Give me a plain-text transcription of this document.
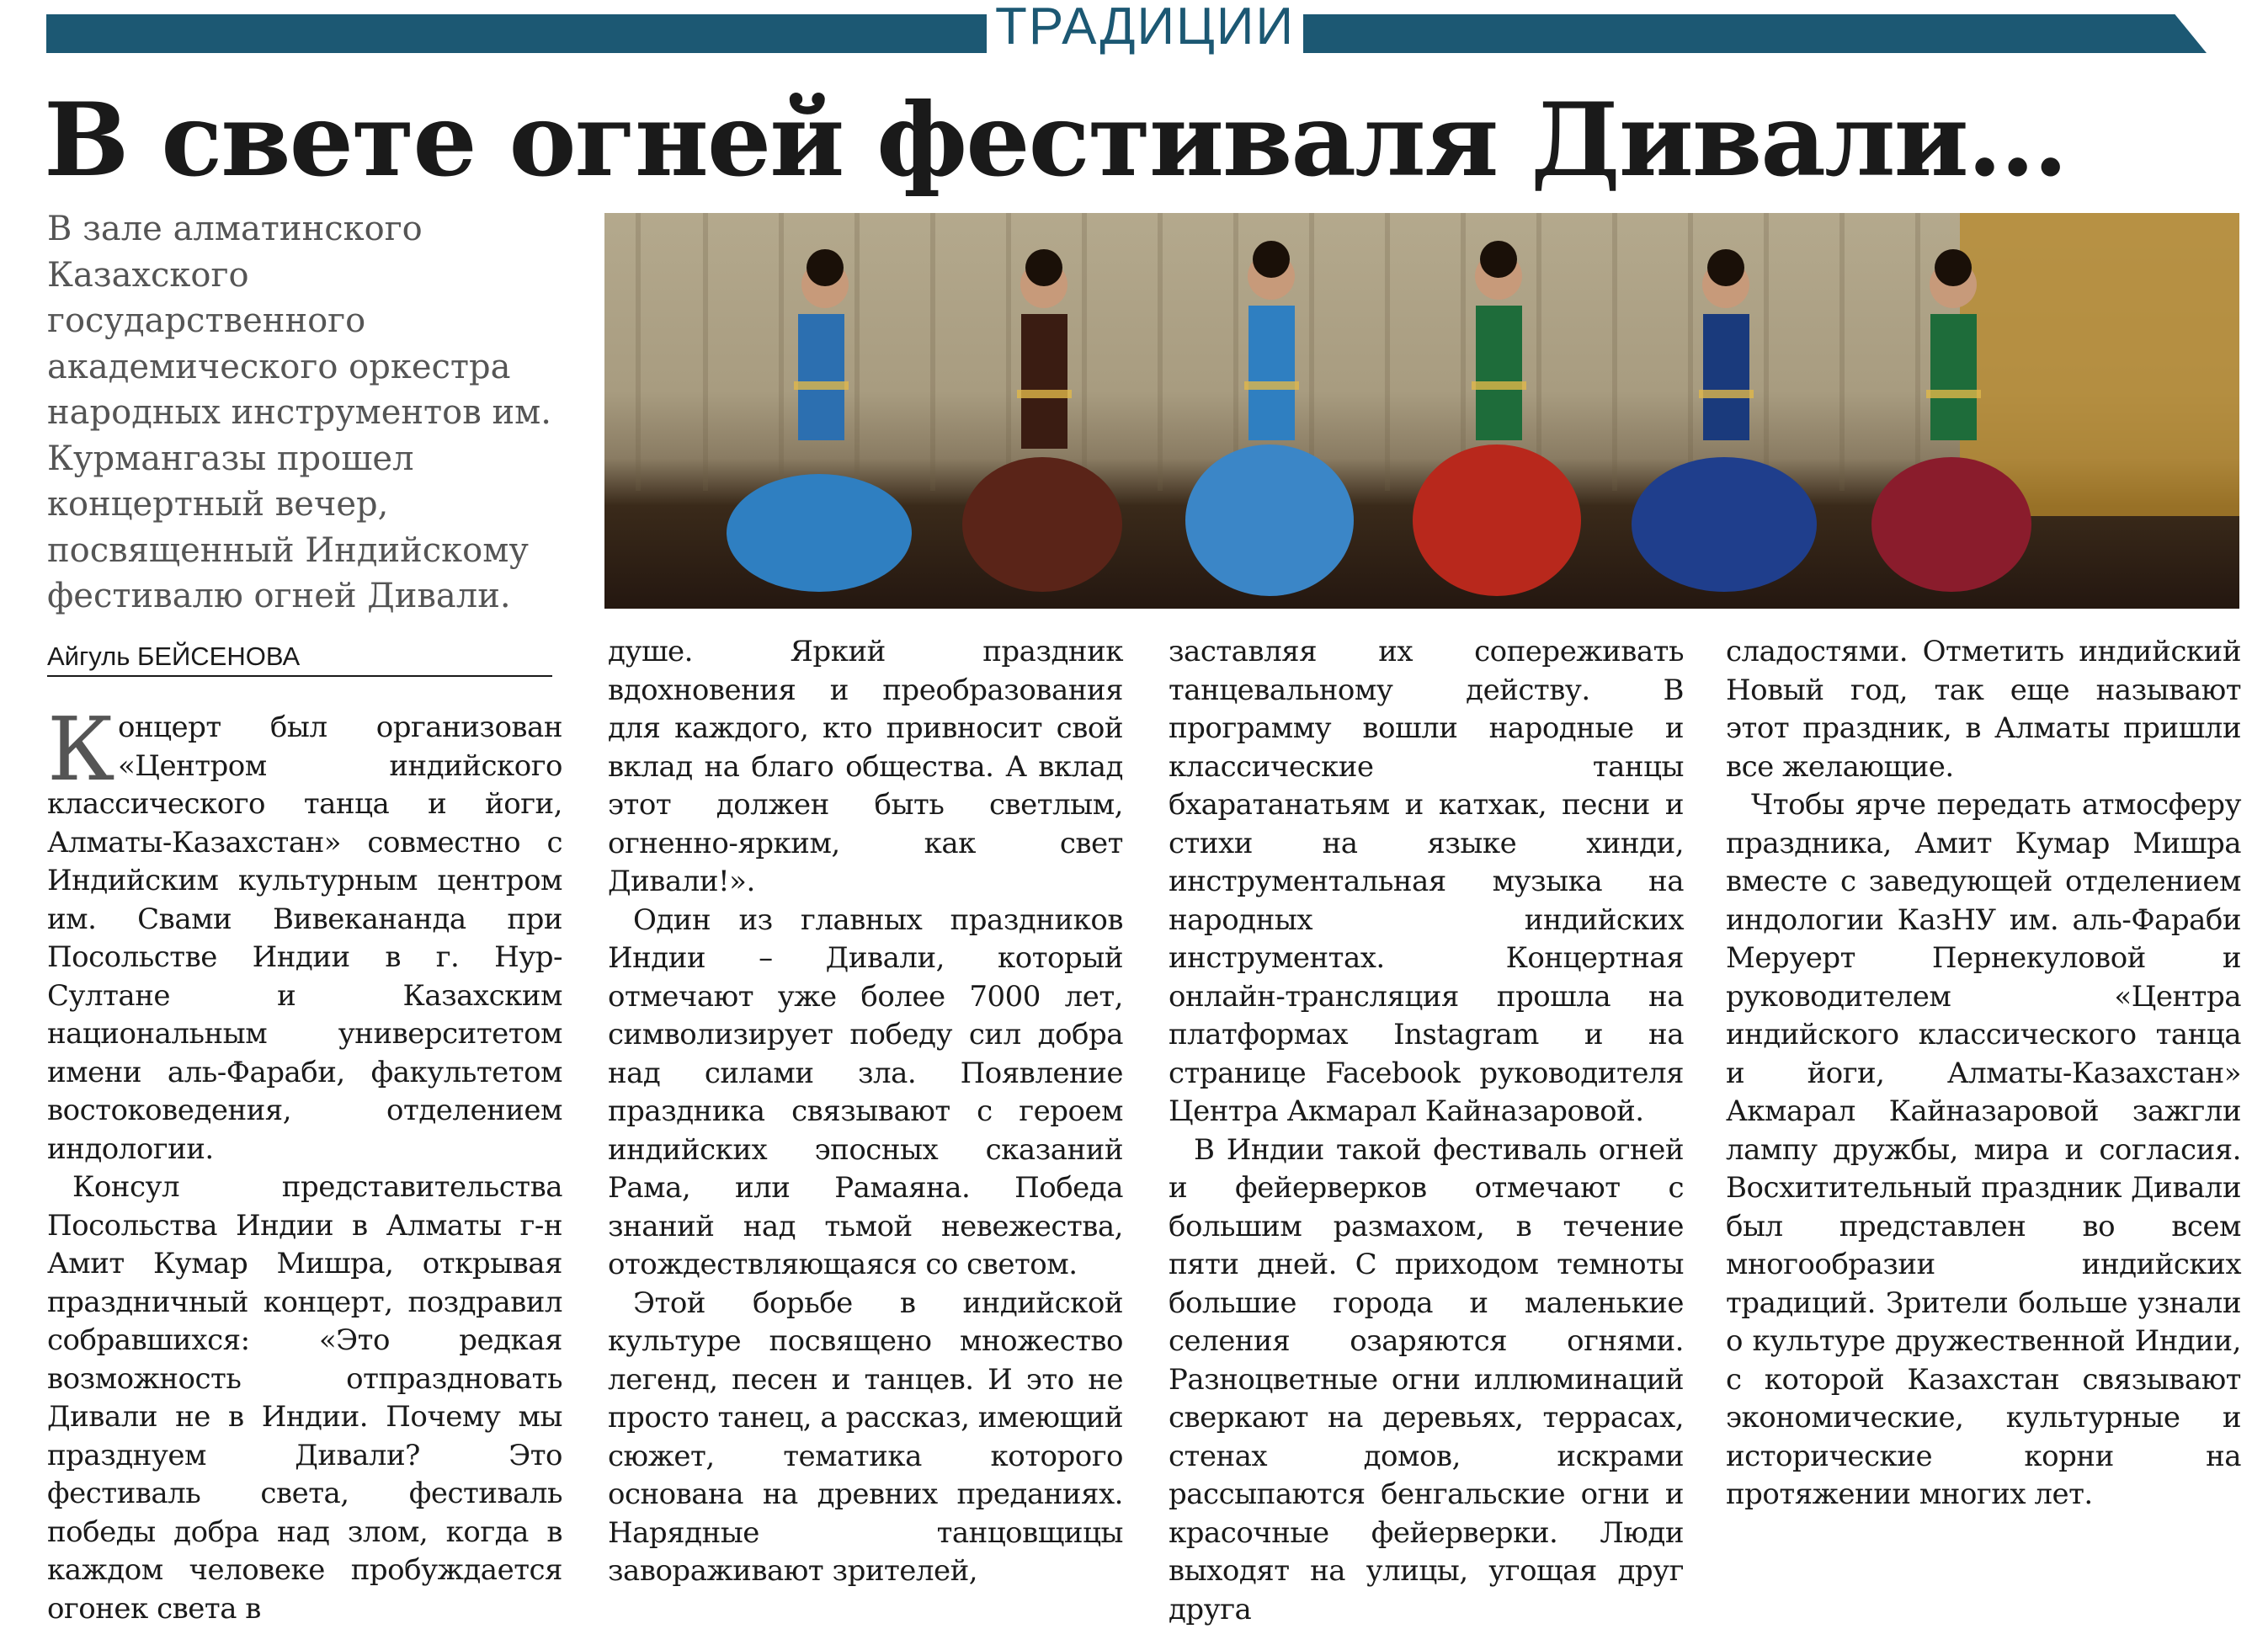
ТРАДИЦИИ
В свете огней фестиваля Дивали…

В зале алматинского Казахского государственного академического оркестра народных инструментов им. Курмангазы прошел концертный вечер, посвященный Индийскому фестивалю огней Дивали.

Айгуль БЕЙСЕНОВА

Концерт был организован «Центром индийского классического танца и йоги, Алматы-Казахстан» совместно с Индийским культурным центром им. Свами Вивекананда при Посольстве Индии в г. Нур-Султане и Казахским национальным университетом имени аль-Фараби, факультетом востоковедения, отделением индологии.

Консул представительства Посольства Индии в Алматы г-н Амит Кумар Мишра, открывая праздничный концерт, поздравил собравшихся: «Это редкая возможность отпраздновать Дивали не в Индии. Почему мы празднуем Дивали? Это фестиваль света, фестиваль победы добра над злом, когда в каждом человеке пробуждается огонек света в

душе. Яркий праздник вдохновения и преобразования для каждого, кто привносит свой вклад на благо общества. А вклад этот должен быть светлым, огненно-ярким, как свет Дивали!».

Один из главных праздников Индии – Дивали, который отмечают уже более 7000 лет, символизирует победу сил добра над силами зла. Появление праздника связывают с героем индийских эпосных сказаний Рама, или Рамаяна. Победа знаний над тьмой невежества, отождествляющаяся со светом.

Этой борьбе в индийской культуре посвящено множество легенд, песен и танцев. И это не просто танец, а рассказ, имеющий сюжет, тематика которого основана на древних преданиях. Нарядные танцовщицы завораживают зрителей,

заставляя их сопереживать танцевальному действу. В программу вошли народные и классические танцы бхаратанатьям и катхак, песни и стихи на языке хинди, инструментальная музыка на народных индийских инструментах. Концертная онлайн-трансляция прошла на платформах Instagram и на странице Facebook руководителя Центра Акмарал Кайназаровой.

В Индии такой фестиваль огней и фейерверков отмечают с большим размахом, в течение пяти дней. С приходом темноты большие города и маленькие селения озаряются огнями. Разноцветные огни иллюминаций сверкают на деревьях, террасах, стенах домов, искрами рассыпаются бенгальские огни и красочные фейерверки. Люди выходят на улицы, угощая друг друга

сладостями. Отметить индийский Новый год, так еще называют этот праздник, в Алматы пришли все желающие.

Чтобы ярче передать атмосферу праздника, Амит Кумар Мишра вместе с заведующей отделением индологии КазНУ им. аль-Фараби Меруерт Пернекуловой и руководителем «Центра индийского классического танца и йоги, Алматы-Казахстан» Акмарал Кайназаровой зажгли лампу дружбы, мира и согласия. Восхитительный праздник Дивали был представлен во всем многообразии индийских традиций. Зрители больше узнали о культуре дружественной Индии, с которой Казахстан связывают экономические, культурные и исторические корни на протяжении многих лет.
